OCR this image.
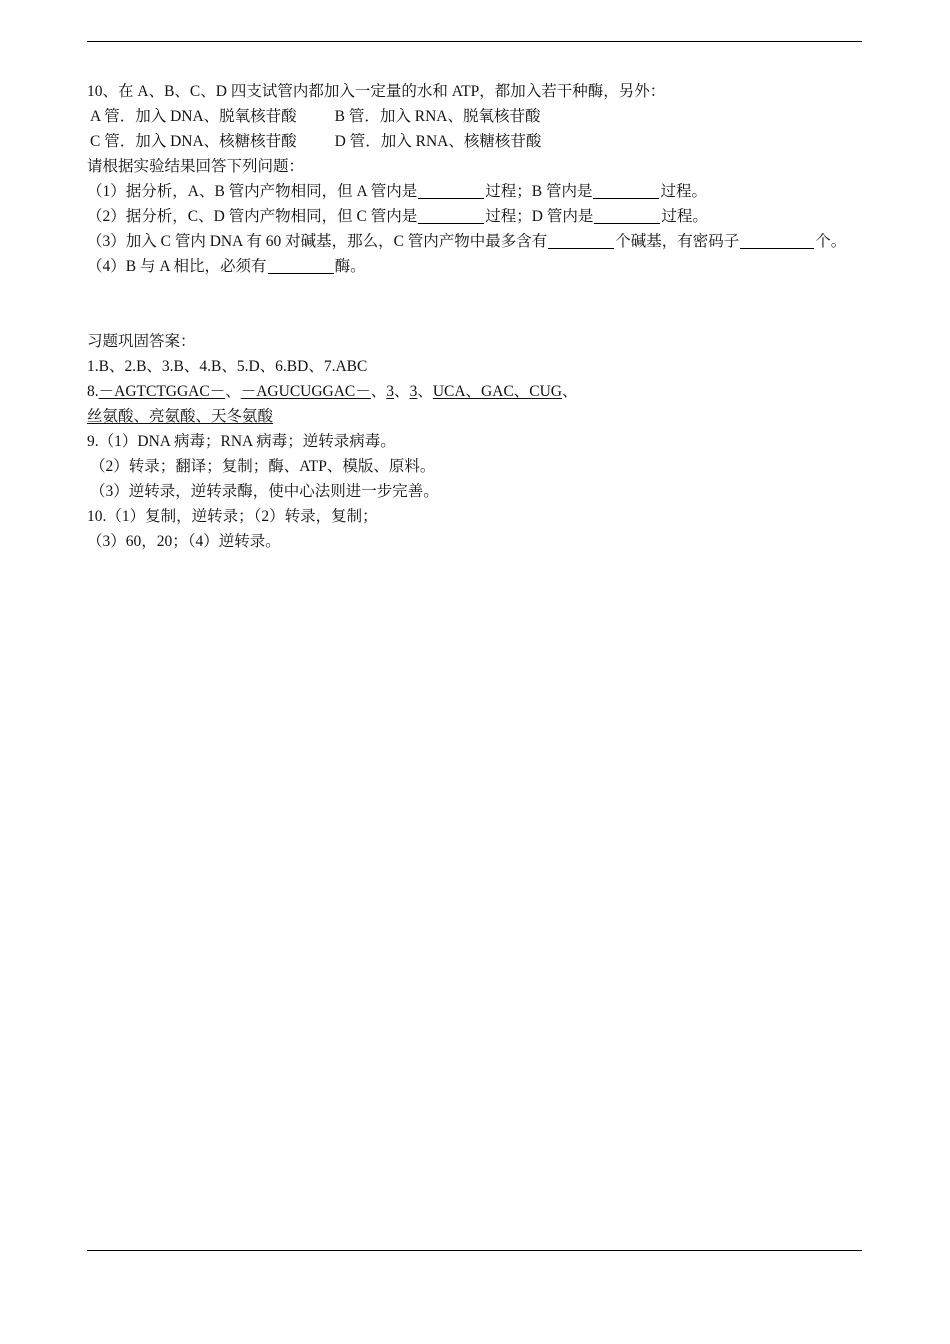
10、在 A、B、C、D 四支试管内都加入一定量的水和 ATP，都加入若干种酶，另外：
A 管．加入 DNA、脱氧核苷酸 B 管．加入 RNA、脱氧核苷酸
C 管．加入 DNA、核糖核苷酸 D 管．加入 RNA、核糖核苷酸
请根据实验结果回答下列问题：
（1）据分析，A、B 管内产物相同，但 A 管内是	过程；B 管内是	过程。
（2）据分析，C、D 管内产物相同，但 C 管内是	过程；D 管内是	过程。
（3）加入 C 管内 DNA 有 60 对碱基，那么，C 管内产物中最多含有	个碱基，有密码子	个。
（4）B 与 A 相比，必须有	酶。
习题巩固答案：
1.B、2.B、3.B、4.B、5.D、6.BD、7.ABC
8.－AGTCTGGAC－、－AGUCUGGAC－、3、3、UCA、GAC、CUG、
丝氨酸、亮氨酸、天冬氨酸
9.（1）DNA 病毒；RNA 病毒；逆转录病毒。
（2）转录；翻译；复制；酶、ATP、模版、原料。
（3）逆转录，逆转录酶，使中心法则进一步完善。
10.（1）复制，逆转录；（2）转录，复制；
（3）60，20；（4）逆转录。
